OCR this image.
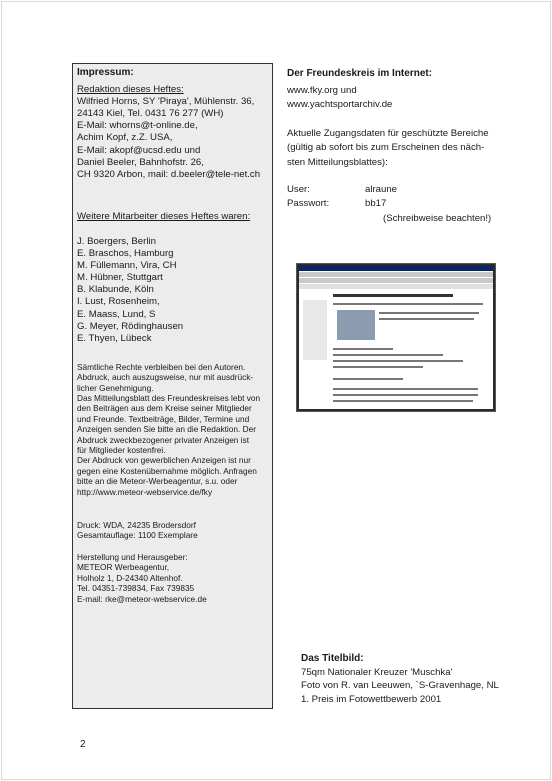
Impressum:
Redaktion dieses Heftes:
Wilfried Horns, SY 'Piraya', Mühlenstr. 36,
24143 Kiel, Tel. 0431 76 277 (WH)
E-Mail: whorns@t-online.de,
Achim Kopf, z.Z. USA,
E-Mail: akopf@ucsd.edu und
Daniel Beeler, Bahnhofstr. 26,
CH 9320 Arbon, mail: d.beeler@tele-net.ch
Weitere Mitarbeiter dieses Heftes waren:
J. Boergers, Berlin
E. Braschos, Hamburg
M. Füllemann, Vira, CH
M. Hübner, Stuttgart
B. Klabunde, Köln
I. Lust, Rosenheim,
E. Maass, Lund, S
G. Meyer, Rödinghausen
E. Thyen, Lübeck
Sämtliche Rechte verbleiben bei den Autoren.
Abdruck, auch auszugsweise, nur mit ausdrück-
licher Genehmigung.
Das Mitteilungsblatt des Freundeskreises lebt von
den Beiträgen aus dem Kreise seiner Mitglieder
und Freunde. Textbeiträge, Bilder, Termine und
Anzeigen senden Sie bitte an die Redaktion. Der
Abdruck zweckbezogener privater Anzeigen ist
für Mitglieder kostenfrei.
Der Abdruck von gewerblichen Anzeigen ist nur
gegen eine Kostenübernahme möglich. Anfragen
bitte an die Meteor-Werbeagentur, s.u. oder
http://www.meteor-webservice.de/fky
Druck: WDA, 24235 Brodersdorf
Gesamtauflage: 1100 Exemplare
Herstellung und Herausgeber:
METEOR Werbeagentur,
Holholz 1, D-24340 Altenhof.
Tel. 04351-739834, Fax 739835
E-mail: rke@meteor-webservice.de
Der Freundeskreis im Internet:
www.fky.org und
www.yachtsportarchiv.de
Aktuelle Zugangsdaten für geschützte Bereiche
(gültig ab sofort bis zum Erscheinen des näch-
sten Mitteilungsblattes):
User:	alraune
Passwort:	bb17
(Schreibweise beachten!)
Das Titelbild:
75qm Nationaler Kreuzer 'Muschka'
Foto von R. van Leeuwen, `S-Gravenhage, NL
1. Preis im Fotowettbewerb 2001
2
